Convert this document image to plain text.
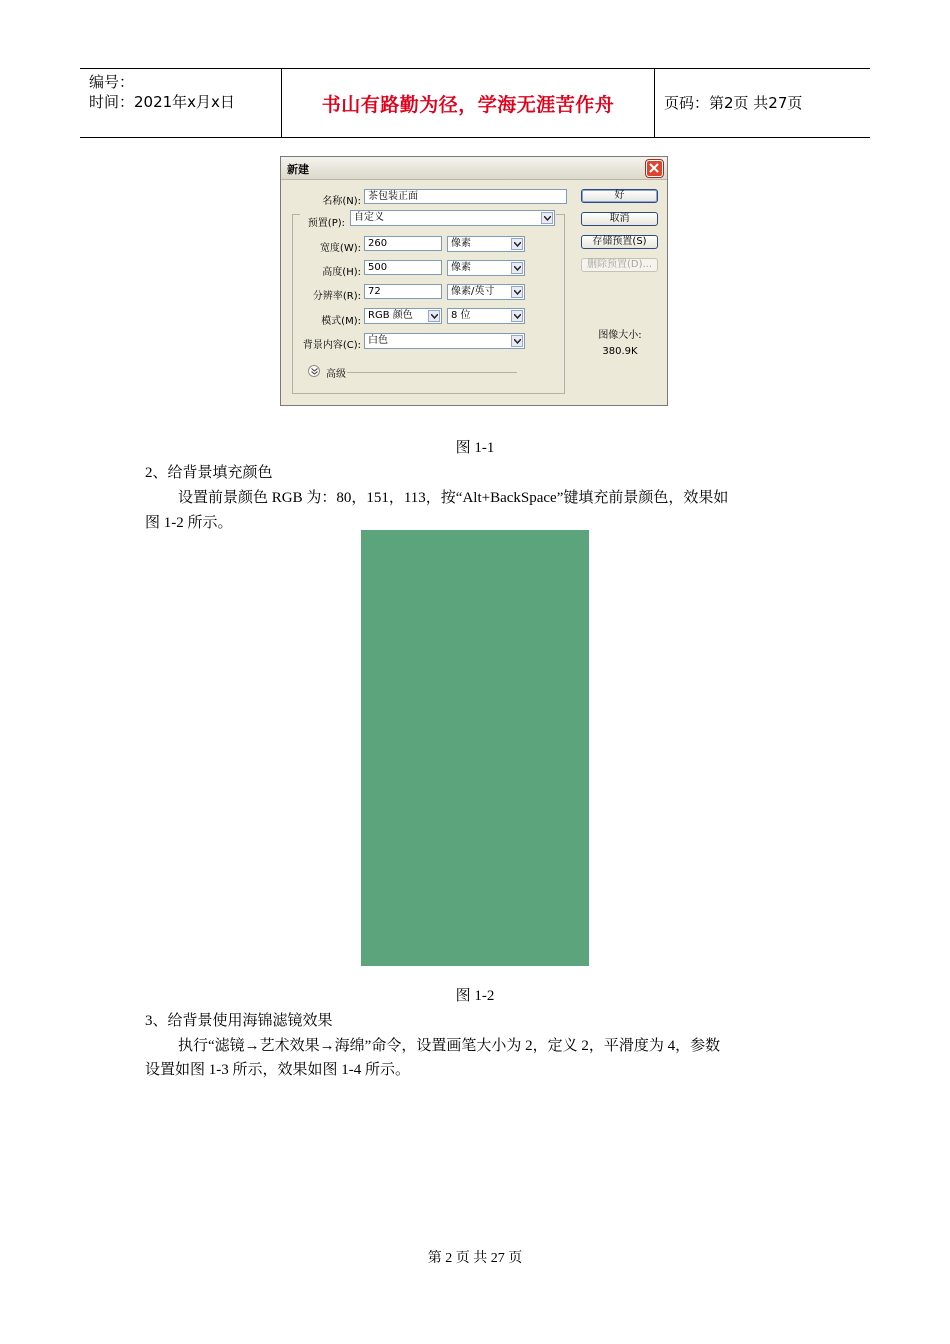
编号：
时间：2021年x月x日	书山有路勤为径，学海无涯苦作舟	页码：第2页 共27页
新建
名称(N): 茶包装正面
预置(P):
自定义
宽度(W): 260	像素
高度(H): 500	像素
分辨率(R): 72	像素/英寸
模式(M):
RGB 颜色	8 位
背景内容(C): 白色
高级
好
取消
存储预置(S)
删除预置(D)...
图像大小:
380.9K
图 1-1
2、给背景填充颜色
设置前景颜色 RGB 为：80，151，113，按“Alt+BackSpace”键填充前景颜色，效果如
图 1-2 所示。
图 1-2
3、给背景使用海锦滤镜效果
执行“滤镜→艺术效果→海绵”命令，设置画笔大小为 2，定义 2，平滑度为 4，参数
设置如图 1-3 所示，效果如图 1-4 所示。
第 2 页 共 27 页
